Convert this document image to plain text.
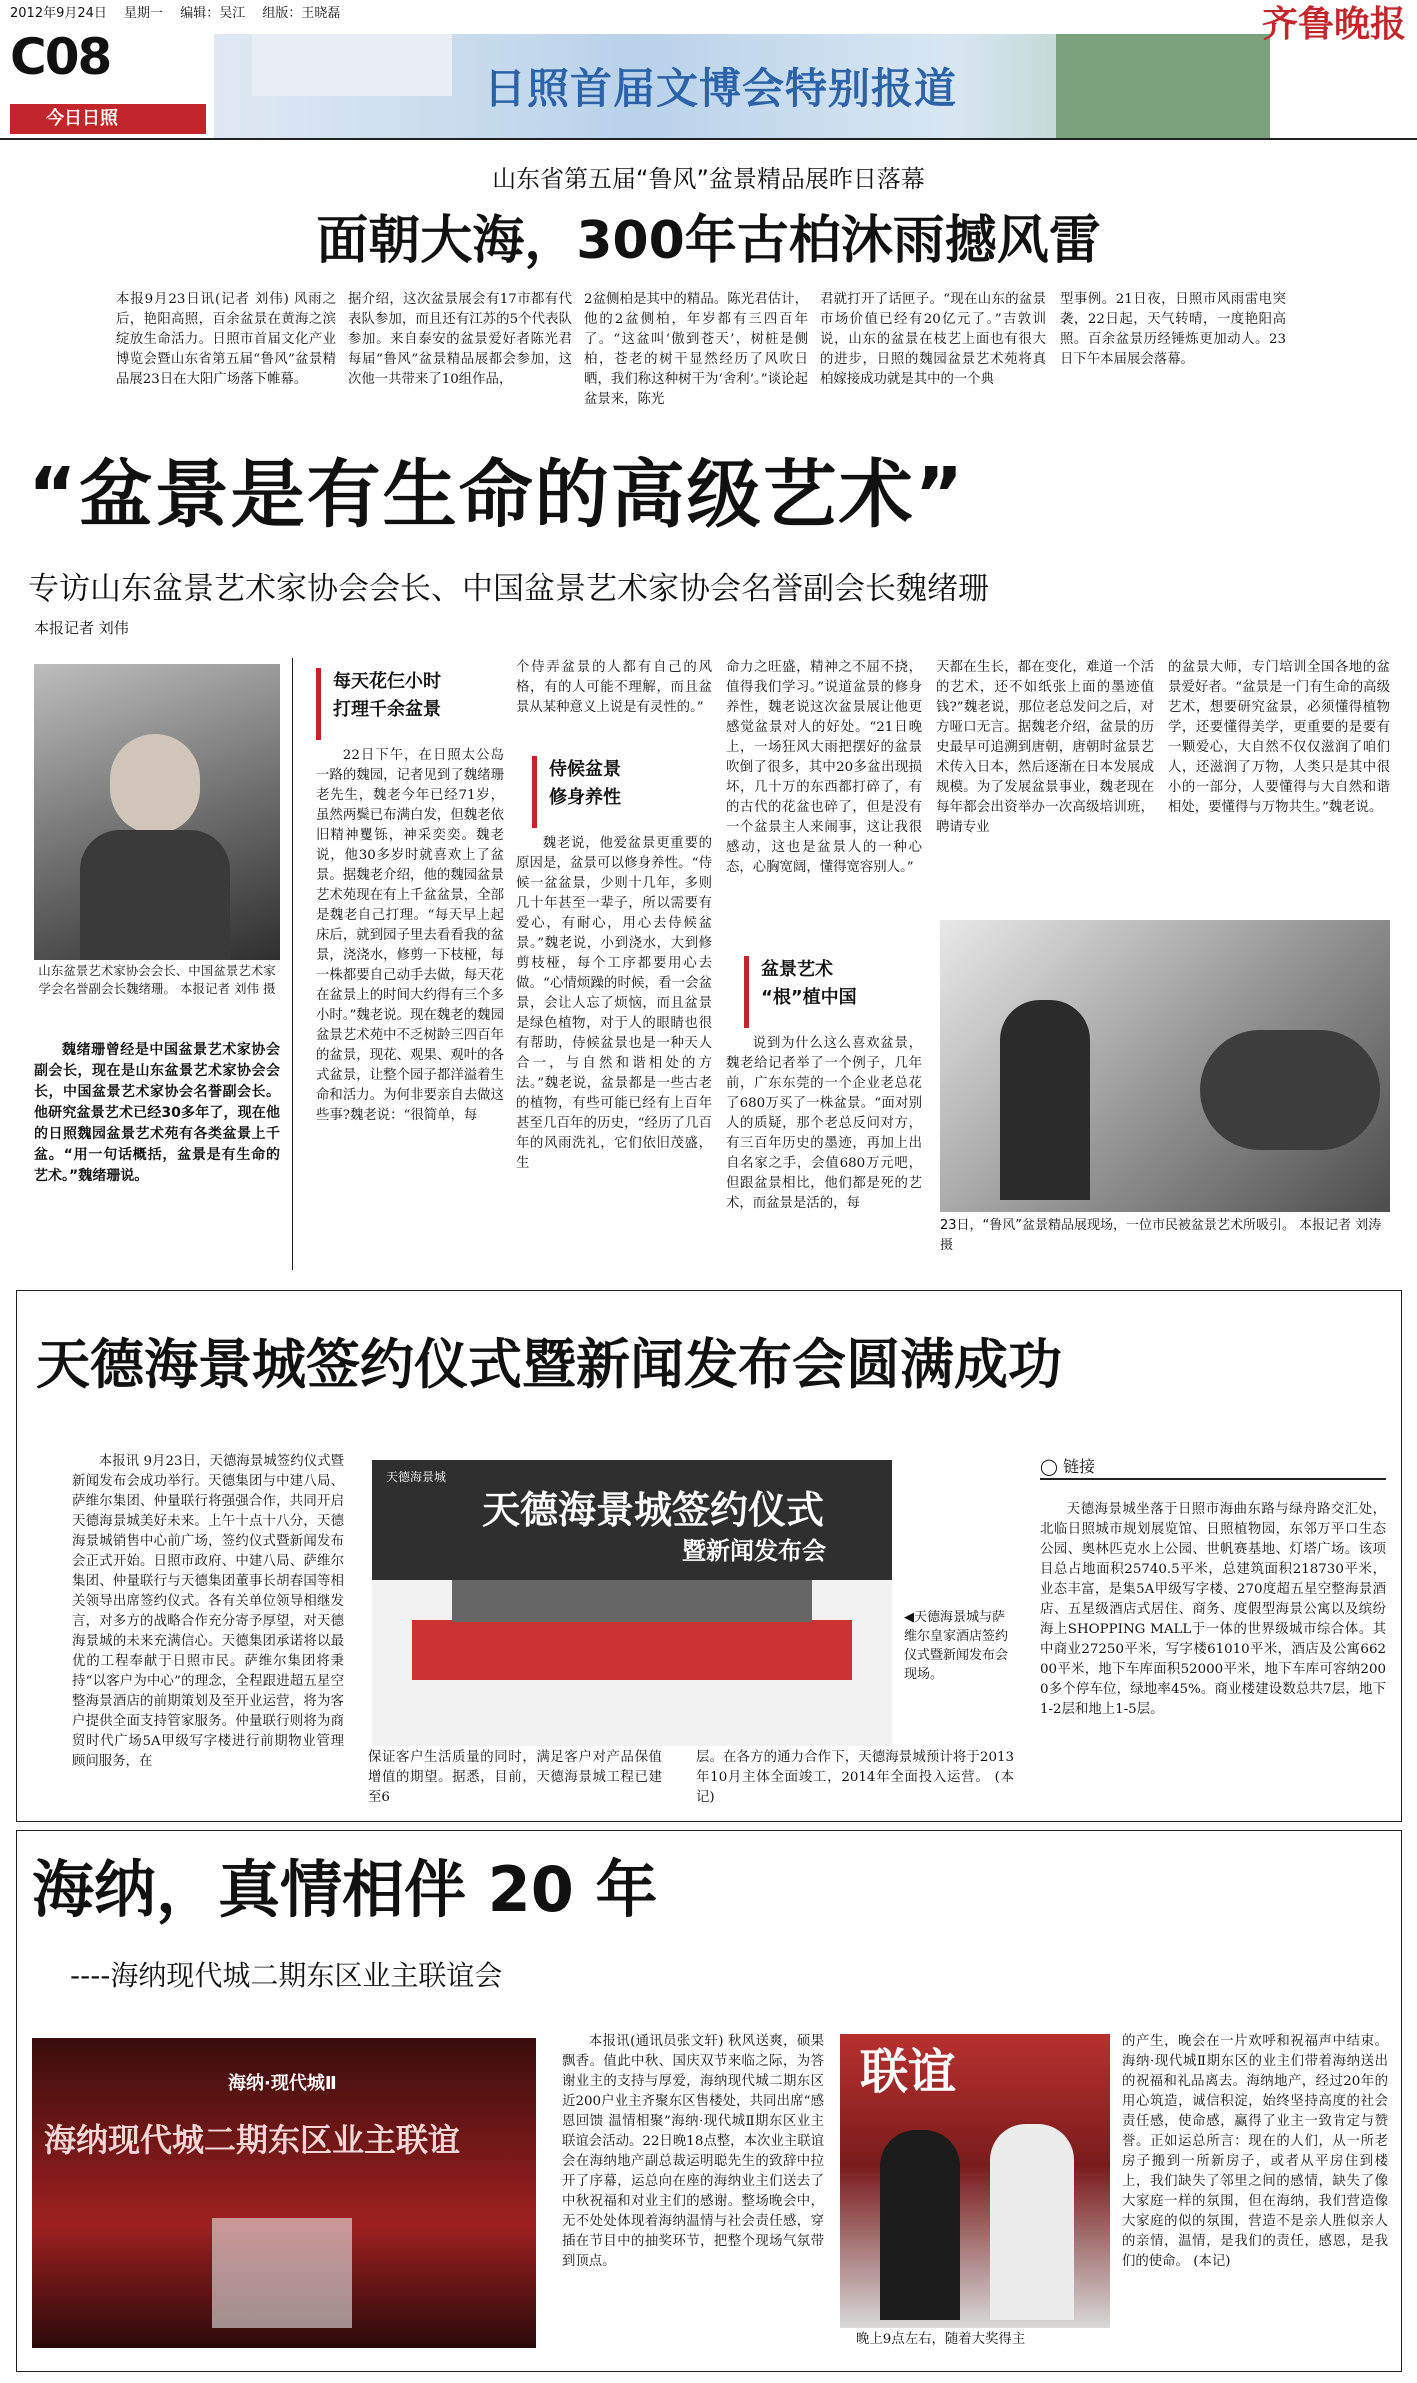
2012年9月24日　 星期一　 编辑：吴江　 组版：王晓磊
C08
今日日照
日照首届文博会特别报道
齐鲁晚报
山东省第五届“鲁风”盆景精品展昨日落幕
面朝大海，300年古柏沐雨撼风雷
本报9月23日讯(记者 刘伟) 风雨之后，艳阳高照，百余盆景在黄海之滨绽放生命活力。日照市首届文化产业博览会暨山东省第五届“鲁风”盆景精品展23日在大阳广场落下帷幕。
据介绍，这次盆景展会有17市都有代表队参加，而且还有江苏的5个代表队参加。来自泰安的盆景爱好者陈光君每届“鲁风”盆景精品展都会参加，这次他一共带来了10组作品，
2盆侧柏是其中的精品。陈光君估计，他的2盆侧柏，年岁都有三四百年了。“这盆叫‘傲到苍天’，树桩是侧柏，苍老的树干显然经历了风吹日晒，我们称这种树干为‘舍利’。”谈论起盆景来，陈光
君就打开了话匣子。“现在山东的盆景市场价值已经有20亿元了。”吉敦训说，山东的盆景在枝艺上面也有很大的进步，日照的魏园盆景艺术苑将真柏嫁接成功就是其中的一个典
型事例。21日夜，日照市风雨雷电突袭，22日起，天气转晴，一度艳阳高照。百余盆景历经锤炼更加动人。23日下午本届展会落幕。
“盆景是有生命的高级艺术”
专访山东盆景艺术家协会会长、中国盆景艺术家协会名誉副会长魏绪珊
本报记者 刘伟
山东盆景艺术家协会会长、中国盆景艺术家学会名誉副会长魏绪珊。 本报记者 刘伟 摄
魏绪珊曾经是中国盆景艺术家协会副会长，现在是山东盆景艺术家协会会长，中国盆景艺术家协会名誉副会长。他研究盆景艺术已经30多年了，现在他的日照魏园盆景艺术苑有各类盆景上千盆。“用一句话概括，盆景是有生命的艺术。”魏绪珊说。
每天花仨小时
打理千余盆景
22日下午，在日照太公岛一路的魏园，记者见到了魏绪珊老先生，魏老今年已经71岁，虽然两鬓已布满白发，但魏老依旧精神矍铄，神采奕奕。魏老说，他30多岁时就喜欢上了盆景。据魏老介绍，他的魏园盆景艺术苑现在有上千盆盆景，全部是魏老自己打理。“每天早上起床后，就到园子里去看看我的盆景，浇浇水，修剪一下枝桠，每一株都要自己动手去做，每天花在盆景上的时间大约得有三个多小时。”魏老说。现在魏老的魏园盆景艺术苑中不乏树龄三四百年的盆景，现花、观果、观叶的各式盆景，让整个园子都洋溢着生命和活力。为何非要亲自去做这些事?魏老说：“很简单，每
个侍弄盆景的人都有自己的风格，有的人可能不理解，而且盆景从某种意义上说是有灵性的。”
侍候盆景
修身养性
魏老说，他爱盆景更重要的原因是，盆景可以修身养性。“侍候一盆盆景，少则十几年，多则几十年甚至一辈子，所以需要有爱心，有耐心，用心去侍候盆景。”魏老说，小到浇水，大到修剪枝桠，每个工序都要用心去做。“心情烦躁的时候，看一会盆景，会让人忘了烦恼，而且盆景是绿色植物，对于人的眼睛也很有帮助，侍候盆景也是一种天人合一，与自然和谐相处的方法。”魏老说，盆景都是一些古老的植物，有些可能已经有上百年甚至几百年的历史，“经历了几百年的风雨洗礼，它们依旧茂盛，生
命力之旺盛，精神之不屈不挠，值得我们学习。”说道盆景的修身养性，魏老说这次盆景展让他更感觉盆景对人的好处。“21日晚上，一场狂风大雨把摆好的盆景吹倒了很多，其中20多盆出现损坏，几十万的东西都打碎了，有的古代的花盆也碎了，但是没有一个盆景主人来闹事，这让我很感动，这也是盆景人的一种心态，心胸宽阔，懂得宽容别人。”
盆景艺术
“根”植中国
说到为什么这么喜欢盆景，魏老给记者举了一个例子，几年前，广东东莞的一个企业老总花了680万买了一株盆景。“面对别人的质疑，那个老总反问对方，有三百年历史的墨迹，再加上出自名家之手，会值680万元吧，但跟盆景相比，他们都是死的艺术，而盆景是活的，每
天都在生长，都在变化，难道一个活的艺术，还不如纸张上面的墨迹值钱?”魏老说，那位老总发问之后，对方哑口无言。据魏老介绍，盆景的历史最早可追溯到唐朝，唐朝时盆景艺术传入日本，然后逐渐在日本发展成规模。为了发展盆景事业，魏老现在每年都会出资举办一次高级培训班，聘请专业
的盆景大师，专门培训全国各地的盆景爱好者。“盆景是一门有生命的高级艺术，想要研究盆景，必须懂得植物学，还要懂得美学，更重要的是要有一颗爱心，大自然不仅仅滋润了咱们人，还滋润了万物，人类只是其中很小的一部分，人要懂得与大自然和谐相处，要懂得与万物共生。”魏老说。
23日，“鲁风”盆景精品展现场，一位市民被盆景艺术所吸引。 本报记者 刘涛 摄
天德海景城签约仪式暨新闻发布会圆满成功
本报讯 9月23日，天德海景城签约仪式暨新闻发布会成功举行。天德集团与中建八局、萨维尔集团、仲量联行将强强合作，共同开启天德海景城美好未来。上午十点十八分，天德海景城销售中心前广场，签约仪式暨新闻发布会正式开始。日照市政府、中建八局、萨维尔集团、仲量联行与天德集团董事长胡春国等相关领导出席签约仪式。各有关单位领导相继发言，对多方的战略合作充分寄予厚望，对天德海景城的未来充满信心。天德集团承诺将以最优的工程奉献于日照市民。萨维尔集团将秉持“以客户为中心”的理念，全程跟进超五星空整海景酒店的前期策划及至开业运营，将为客户提供全面支持管家服务。仲量联行则将为商贸时代广场5A甲级写字楼进行前期物业管理顾问服务，在
天德海景城签约仪式
暨新闻发布会
天德海景城
保证客户生活质量的同时，满足客户对产品保值增值的期望。据悉，目前，天德海景城工程已建至6
层。在各方的通力合作下，天德海景城预计将于2013年10月主体全面竣工，2014年全面投入运营。 (本记)
◀天德海景城与萨维尔皇家酒店签约仪式暨新闻发布会现场。
◯ 链接
天德海景城坐落于日照市海曲东路与绿舟路交汇处，北临日照城市规划展览馆、日照植物园，东邻万平口生态公园、奥林匹克水上公园、世帆赛基地、灯塔广场。该项目总占地面积25740.5平米，总建筑面积218730平米，业态丰富，是集5A甲级写字楼、270度超五星空整海景酒店、五星级酒店式居住、商务、度假型海景公寓以及缤纷海上SHOPPING MALL于一体的世界级城市综合体。其中商业27250平米，写字楼61010平米，酒店及公寓66200平米，地下车库面积52000平米，地下车库可容纳2000多个停车位，绿地率45%。商业楼建设数总共7层，地下1-2层和地上1-5层。
海纳，真情相伴 20 年
----海纳现代城二期东区业主联谊会
海纳·现代城Ⅱ
海纳现代城二期东区业主联谊
本报讯(通讯员张文轩) 秋风送爽，硕果飘香。值此中秋、国庆双节来临之际，为答谢业主的支持与厚爱，海纳现代城二期东区近200户业主齐聚东区售楼处，共同出席“感恩回馈 温情相聚”海纳·现代城Ⅱ期东区业主联谊会活动。22日晚18点整，本次业主联谊会在海纳地产副总裁运明聪先生的致辞中拉开了序幕，运总向在座的海纳业主们送去了中秋祝福和对业主们的感谢。整场晚会中，无不处处体现着海纳温情与社会责任感，穿插在节目中的抽奖环节，把整个现场气氛带到顶点。
联谊
晚上9点左右，随着大奖得主
的产生，晚会在一片欢呼和祝福声中结束。海纳·现代城Ⅱ期东区的业主们带着海纳送出的祝福和礼品离去。海纳地产，经过20年的用心筑造，诚信积淀，始终坚持高度的社会责任感，使命感，赢得了业主一致肯定与赞誉。正如运总所言：现在的人们，从一所老房子搬到一所新房子，或者从平房住到楼上，我们缺失了邻里之间的感情，缺失了像大家庭一样的氛围，但在海纳，我们营造像大家庭的似的氛围，营造不是亲人胜似亲人的亲情，温情，是我们的责任，感恩，是我们的使命。 (本记)
